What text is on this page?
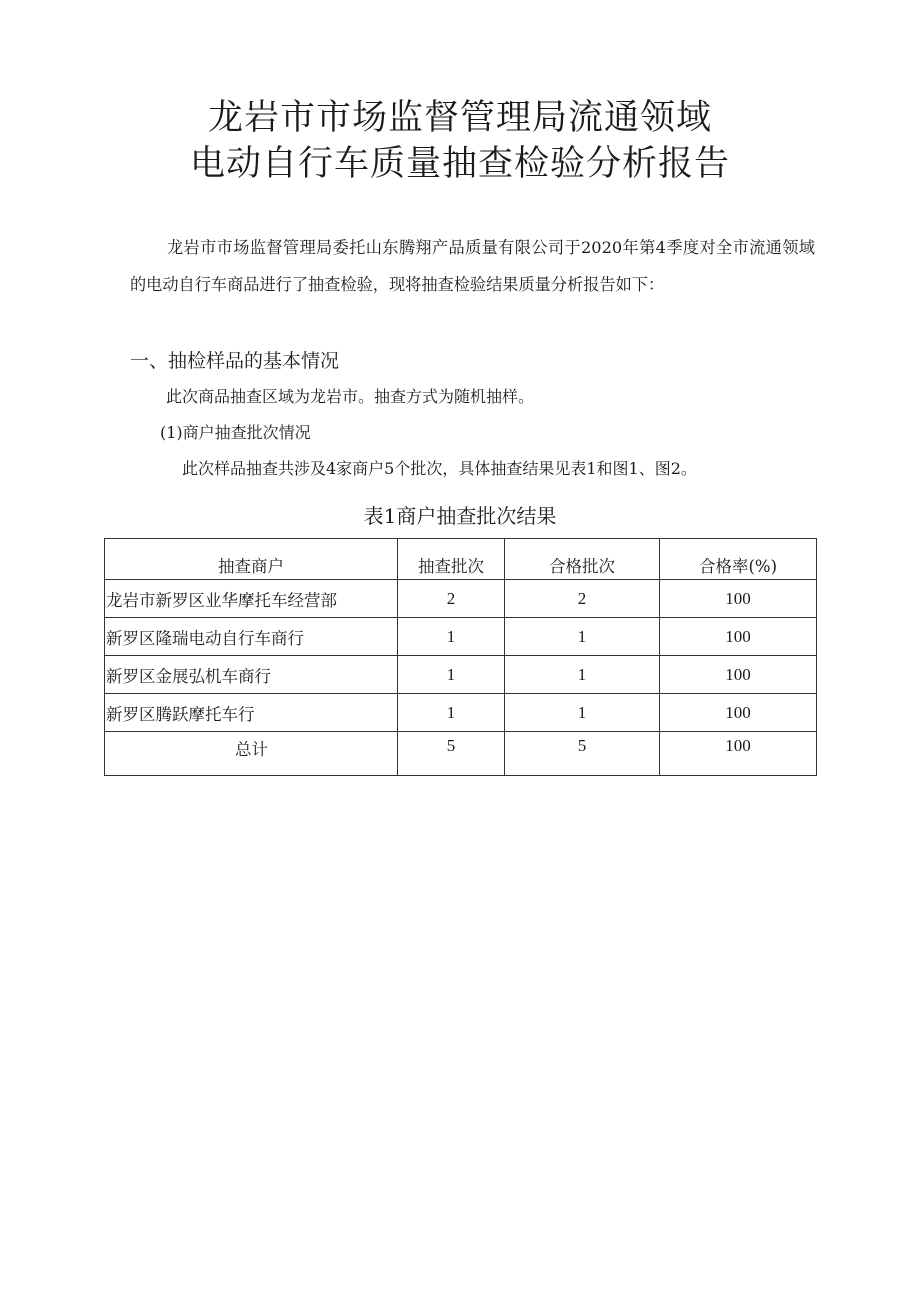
龙岩市市场监督管理局流通领域
电动自行车质量抽查检验分析报告
龙岩市市场监督管理局委托山东腾翔产品质量有限公司于2020年第4季度对全市流通领域的电动自行车商品进行了抽查检验，现将抽查检验结果质量分析报告如下：
一、抽检样品的基本情况
此次商品抽查区域为龙岩市。抽查方式为随机抽样。
(1)商户抽查批次情况
此次样品抽查共涉及4家商户5个批次，具体抽查结果见表1和图1、图2。
表1商户抽查批次结果
抽查商户	抽查批次	合格批次	合格率(%)
龙岩市新罗区业华摩托车经营部	2	2	100
新罗区隆瑞电动自行车商行	1	1	100
新罗区金展弘机车商行	1	1	100
新罗区腾跃摩托车行	1	1	100
总计	5	5	100
